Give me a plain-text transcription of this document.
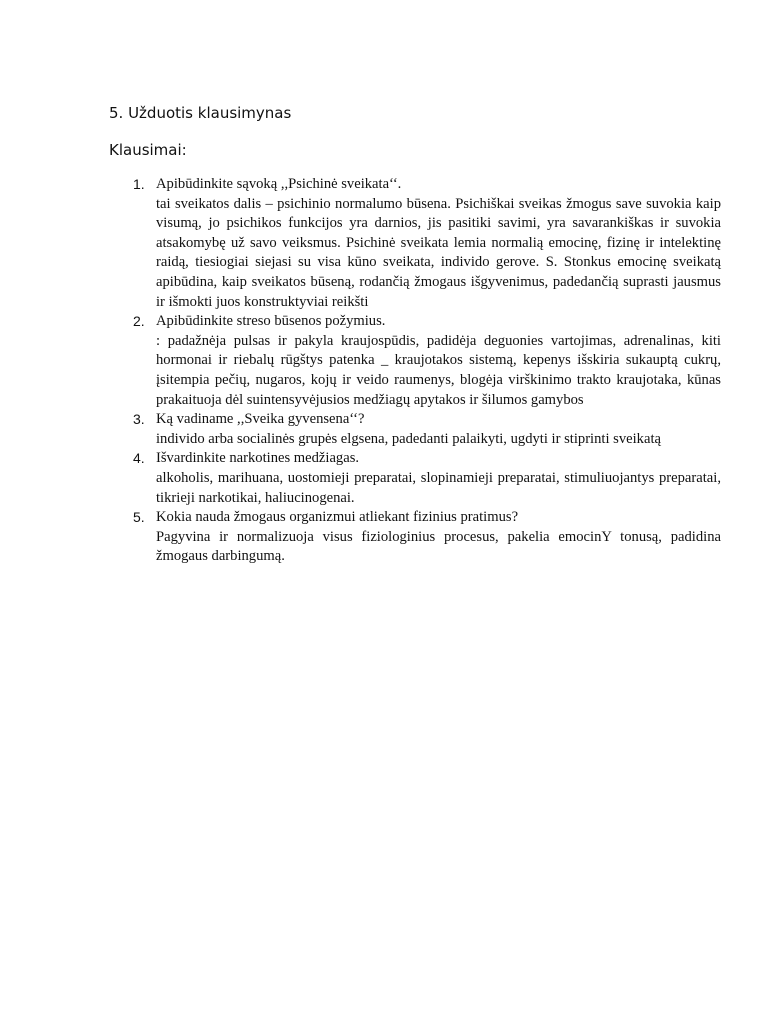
5. Užduotis klausimynas
Klausimai:
1. Apibūdinkite sąvoką ,,Psichinė sveikata‘‘.
tai sveikatos dalis – psichinio normalumo būsena. Psichiškai sveikas žmogus save suvokia kaip visumą, jo psichikos funkcijos yra darnios, jis pasitiki savimi, yra savarankiškas ir suvokia atsakomybę už savo veiksmus. Psichinė sveikata lemia normalią emocinę, fizinę ir intelektinę raidą, tiesiogiai siejasi su visa kūno sveikata, individo gerove. S. Stonkus emocinę sveikatą apibūdina, kaip sveikatos būseną, rodančią žmogaus išgyvenimus, padedančią suprasti jausmus ir išmokti juos konstruktyviai reikšti
2. Apibūdinkite streso būsenos požymius.
: padažnėja pulsas ir pakyla kraujospūdis, padidėja deguonies vartojimas, adrenalinas, kiti hormonai ir riebalų rūgštys patenka _ kraujotakos sistemą, kepenys išskiria sukauptą cukrų, įsitempia pečių, nugaros, kojų ir veido raumenys, blogėja virškinimo trakto kraujotaka, kūnas prakaituoja dėl suintensyvėjusios medžiagų apytakos ir šilumos gamybos
3. Ką vadiname ,,Sveika gyvensena‘‘?
individo arba socialinės grupės elgsena, padedanti palaikyti, ugdyti ir stiprinti sveikatą
4. Išvardinkite narkotines medžiagas.
alkoholis, marihuana, uostomieji preparatai, slopinamieji preparatai, stimuliuojantys preparatai, tikrieji narkotikai, haliucinogenai.
5. Kokia nauda žmogaus organizmui atliekant fizinius pratimus?
Pagyvina ir normalizuoja visus fiziologinius procesus, pakelia emocinY tonusą, padidina žmogaus darbingumą.
